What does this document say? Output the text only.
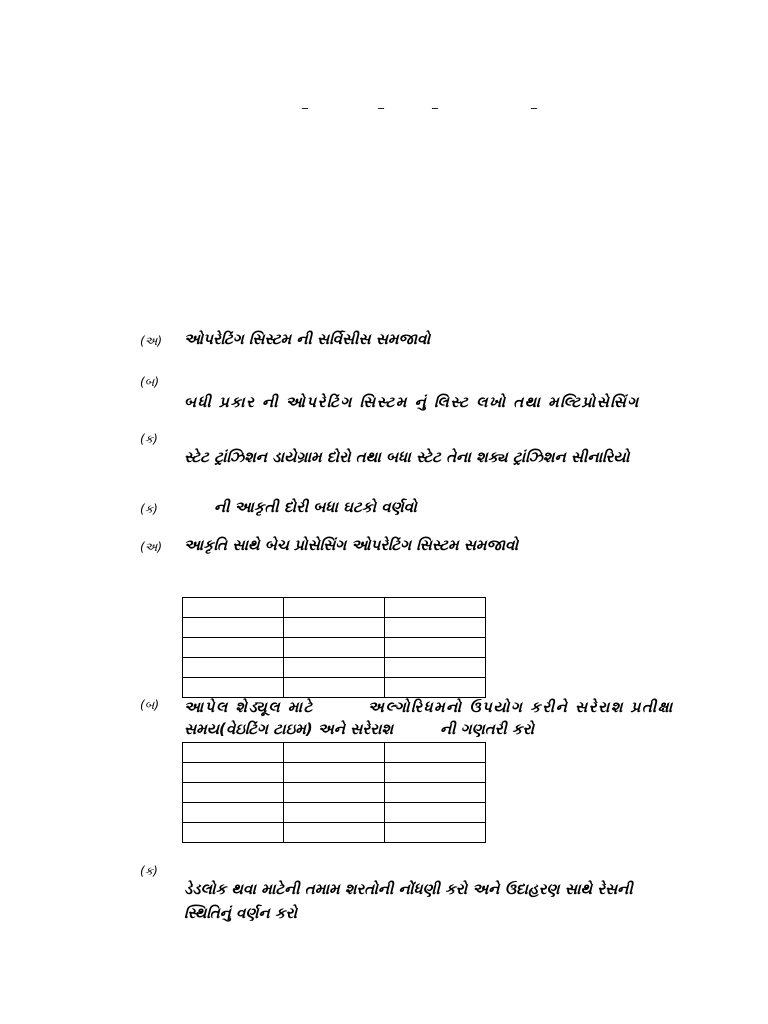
_	_	_	_
(અ) ઓપરેટિંગ સિસ્ટમ ની સર્વિસીસ સમજાવો
(બ)
બધી પ્રકાર ની ઓપરેટિંગ સિસ્ટમ નું લિસ્ટ લખો તથા મલ્ટિપ્રોસેસિંગ
(ક)
સ્ટેટ ટ્રાંઝિશન ડાયેગ્રામ દોરો તથા બધા સ્ટેટ તેના શક્ય ટ્રાંઝિશન સીનારિયો
(ક)	ની આકૃતી દોરી બધા ઘટકો વર્ણવો
(અ) આકૃતિ સાથે બેચ પ્રોસેસિંગ ઓપરેટિંગ સિસ્ટમ સમજાવો

(બ) આપેલ શેડ્યૂલ માટે	અલ્ગોરિધમનો ઉપયોગ કરીને સરેરાશ પ્રતીક્ષા
સમય(વેઇટિંગ ટાઇમ) અને સરેરાશ	ની ગણતરી કરો

(ક)
ડેડલોક થવા માટેની તમામ શરતોની નોંધણી કરો અને ઉદાહરણ સાથે રેસની
સ્થિતિનું વર્ણન કરો
